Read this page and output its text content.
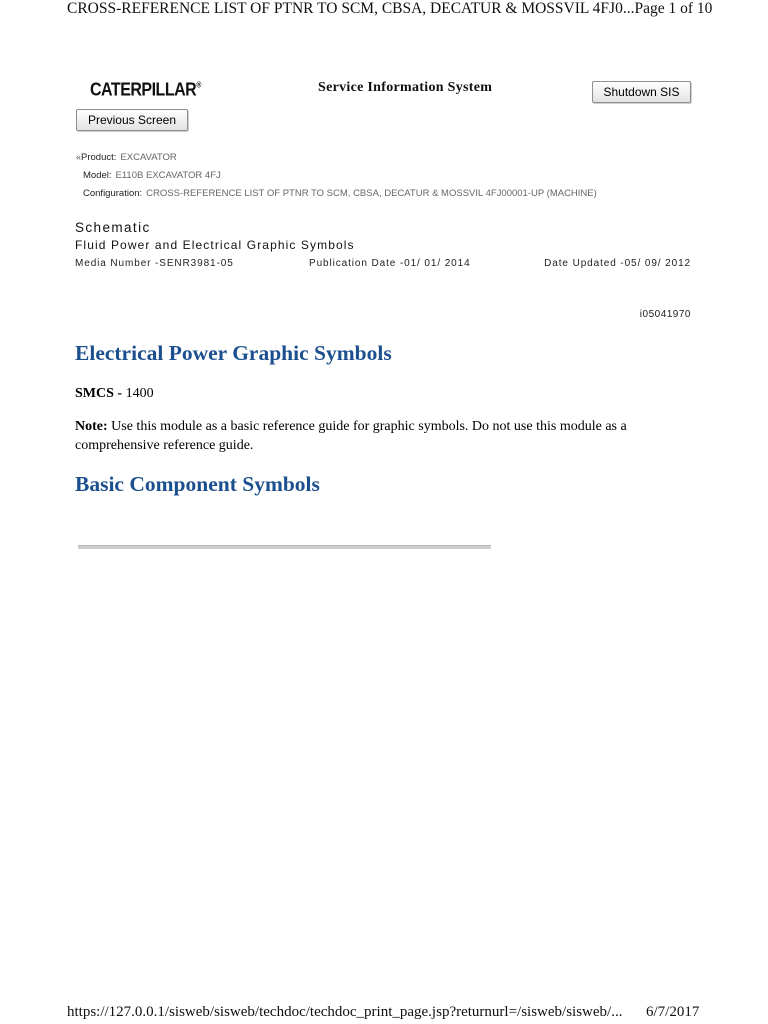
CROSS-REFERENCE LIST OF PTNR TO SCM, CBSA, DECATUR & MOSSVIL 4FJ0...Page 1 of 10
CATERPILLAR®	Service Information System	Shutdown SIS
Previous Screen
«Product: EXCAVATOR
Model: E110B EXCAVATOR 4FJ
Configuration: CROSS-REFERENCE LIST OF PTNR TO SCM, CBSA, DECATUR & MOSSVIL 4FJ00001-UP (MACHINE)
Schematic
Fluid Power and Electrical Graphic Symbols
Media Number -SENR3981-05	Publication Date -01/ 01/ 2014	Date Updated -05/ 09/ 2012
i05041970
Electrical Power Graphic Symbols
SMCS - 1400
Note: Use this module as a basic reference guide for graphic symbols. Do not use this module as a comprehensive reference guide.
Basic Component Symbols
https://127.0.0.1/sisweb/sisweb/techdoc/techdoc_print_page.jsp?returnurl=/sisweb/sisweb/... 6/7/2017
